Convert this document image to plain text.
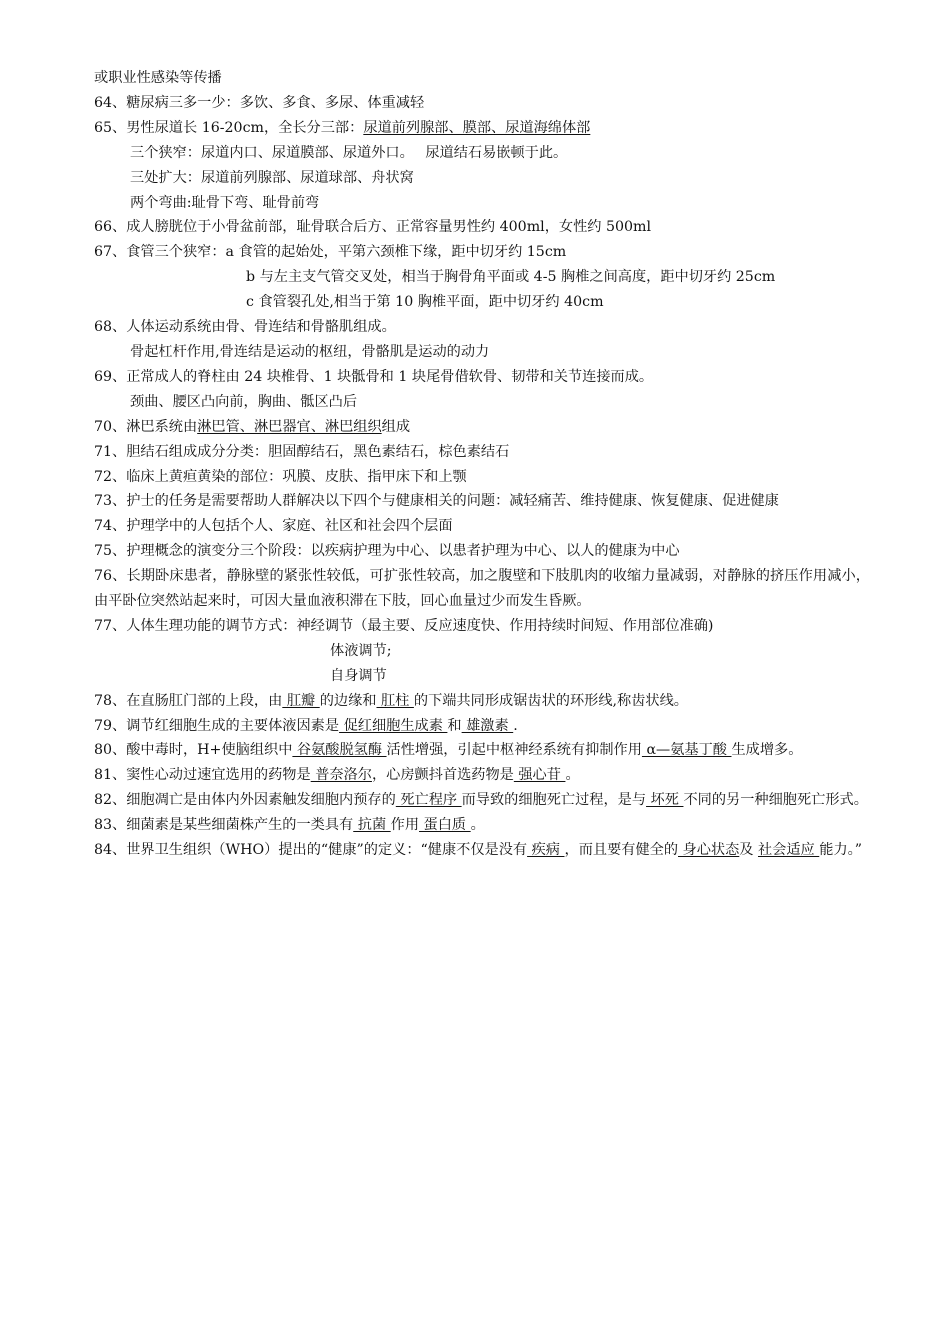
或职业性感染等传播
64、糖尿病三多一少：多饮、多食、多尿、体重减轻
65、男性尿道长 16-20cm，全长分三部：尿道前列腺部、膜部、尿道海绵体部
三个狭窄：尿道内口、尿道膜部、尿道外口。　 尿道结石易嵌顿于此。
三处扩大：尿道前列腺部、尿道球部、舟状窝
两个弯曲:耻骨下弯、耻骨前弯
66、成人膀胱位于小骨盆前部，耻骨联合后方、正常容量男性约 400ml，女性约 500ml
67、食管三个狭窄：a 食管的起始处，平第六颈椎下缘，距中切牙约 15cm
b 与左主支气管交叉处，相当于胸骨角平面或 4-5 胸椎之间高度，距中切牙约 25cm
c 食管裂孔处,相当于第 10 胸椎平面，距中切牙约 40cm
68、人体运动系统由骨、骨连结和骨骼肌组成。
骨起杠杆作用,骨连结是运动的枢纽，骨骼肌是运动的动力
69、正常成人的脊柱由 24 块椎骨、1 块骶骨和 1 块尾骨借软骨、韧带和关节连接而成。
颈曲、腰区凸向前，胸曲、骶区凸后
70、淋巴系统由淋巴管、淋巴器官、淋巴组织组成
71、胆结石组成成分分类：胆固醇结石，黑色素结石，棕色素结石
72、临床上黄疸黄染的部位：巩膜、皮肤、指甲床下和上颚
73、护士的任务是需要帮助人群解决以下四个与健康相关的问题：减轻痛苦、维持健康、恢复健康、促进健康
74、护理学中的人包括个人、家庭、社区和社会四个层面
75、护理概念的演变分三个阶段：以疾病护理为中心、以患者护理为中心、以人的健康为中心
76、长期卧床患者，静脉壁的紧张性较低，可扩张性较高，加之腹壁和下肢肌肉的收缩力量减弱，对静脉的挤压作用减小，由平卧位突然站起来时，可因大量血液积滞在下肢，回心血量过少而发生昏厥。
77、人体生理功能的调节方式：神经调节（最主要、反应速度快、作用持续时间短、作用部位准确)
体液调节;
自身调节
78、在直肠肛门部的上段，由 肛瓣 的边缘和 肛柱 的下端共同形成锯齿状的环形线,称齿状线。
79、调节红细胞生成的主要体液因素是 促红细胞生成素 和 雄激素 .
80、酸中毒时，H+使脑组织中 谷氨酸脱氢酶 活性增强，引起中枢神经系统有抑制作用 α—氨基丁酸 生成增多。
81、窦性心动过速宜选用的药物是 普奈洛尔，心房颤抖首选药物是 强心苷 。
82、细胞凋亡是由体内外因素触发细胞内预存的 死亡程序 而导致的细胞死亡过程，是与 坏死 不同的另一种细胞死亡形式。
83、细菌素是某些细菌株产生的一类具有 抗菌 作用 蛋白质 。
84、世界卫生组织（WHO）提出的“健康”的定义：“健康不仅是没有 疾病 ，而且要有健全的 身心状态及 社会适应 能力。”
